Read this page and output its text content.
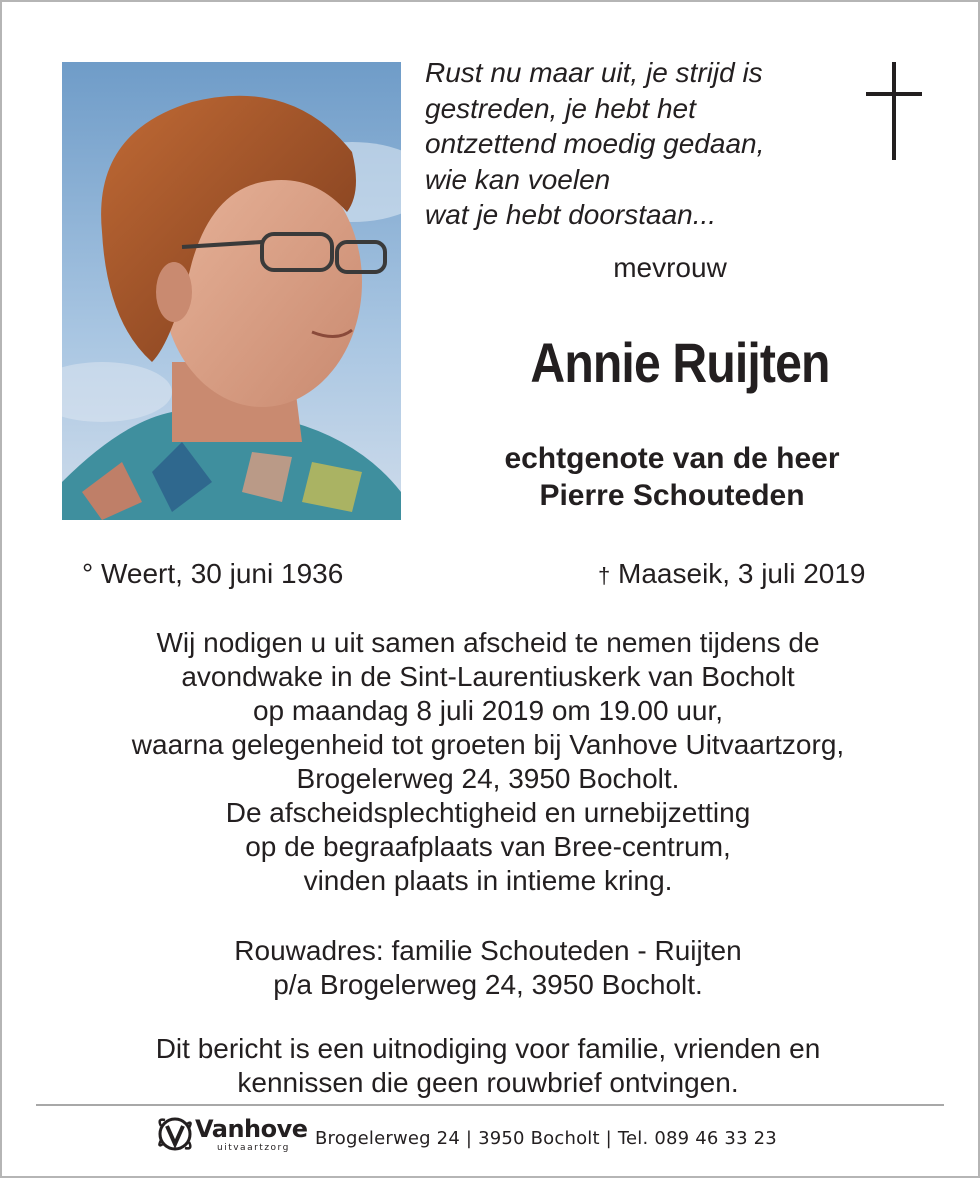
Rust nu maar uit, je strijd is
gestreden, je hebt het
ontzettend moedig gedaan,
wie kan voelen
wat je hebt doorstaan...
mevrouw
Annie Ruijten
echtgenote van de heer
Pierre Schouteden
° Weert, 30 juni 1936	† Maaseik, 3 juli 2019
Wij nodigen u uit samen afscheid te nemen tijdens de
avondwake in de Sint-Laurentiuskerk van Bocholt
op maandag 8 juli 2019 om 19.00 uur,
waarna gelegenheid tot groeten bij Vanhove Uitvaartzorg,
Brogelerweg 24, 3950 Bocholt.
De afscheidsplechtigheid en urnebijzetting
op de begraafplaats van Bree-centrum,
vinden plaats in intieme kring.
Rouwadres: familie Schouteden - Ruijten
p/a Brogelerweg 24, 3950 Bocholt.
Dit bericht is een uitnodiging voor familie, vrienden en
kennissen die geen rouwbrief ontvingen.
Vanhove
uitvaartzorg Brogelerweg 24 | 3950 Bocholt | Tel. 089 46 33 23
